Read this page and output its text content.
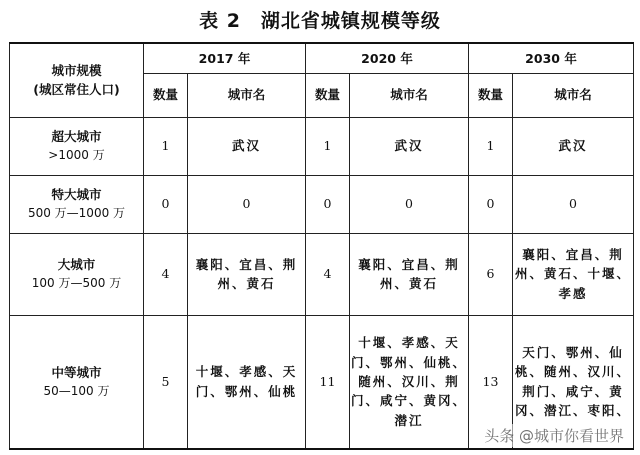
表 2　湖北省城镇规模等级
城市规模
(城区常住人口)	2017 年		2020 年		2030 年	
	数量	城市名	数量	城市名	数量	城市名

超大城市
>1000 万	1	武汉	1	武汉	1	武汉

特大城市
500 万—1000 万	0	0	0	0	0	0

大城市
100 万—500 万	4	襄阳、宜昌、荆州、黄石	4	襄阳、宜昌、荆州、黄石	6	襄阳、宜昌、荆州、黄石、十堰、孝感

中等城市
50—100 万	5	十堰、孝感、天门、鄂州、仙桃	11	十堰、孝感、天门、鄂州、仙桃、随州、汉川、荆门、咸宁、黄冈、潜江	13	天门、鄂州、仙桃、随州、汉川、荆门、咸宁、黄冈、潜江、枣阳、
头条 @城市你看世界
